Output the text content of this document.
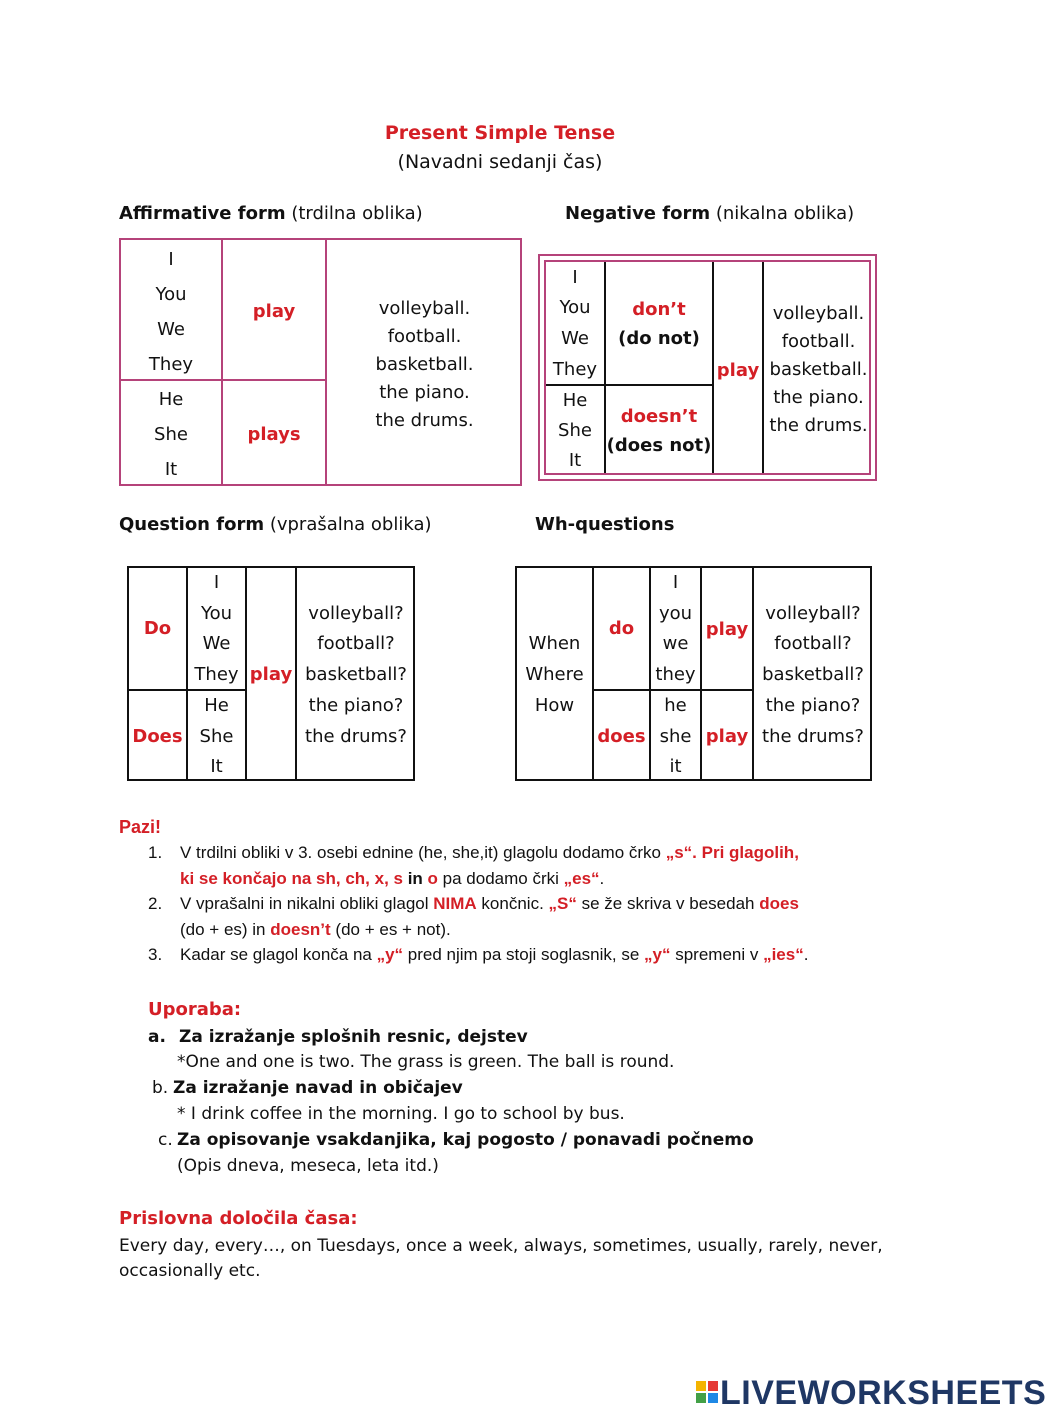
Present Simple Tense
(Navadni sedanji čas)
Affirmative form (trdilna oblika)
I
You
We
They
He
She
It
play
plays
volleyball.
football.
basketball.
the piano.
the drums.
Negative form (nikalna oblika)
I
You
We
They
He
She
It
don’t
(do not)
doesn’t
(does not)
play
volleyball.
football.
basketball.
the piano.
the drums.
Question form (vprašalna oblika)
Do
Does
I
You
We
They
He
She
It
play
volleyball?
football?
basketball?
the piano?
the drums?
Wh-questions
When
Where
How
do
does
I
you
we
they
he
she
it
play
play
volleyball?
football?
basketball?
the piano?
the drums?
Pazi!
1. V trdilni obliki v 3. osebi ednine (he, she,it) glagolu dodamo črko „s“. Pri glagolih,
ki se končajo na sh, ch, x, s in o pa dodamo črki „es“.
2. V vprašalni in nikalni obliki glagol NIMA končnic. „S“ se že skriva v besedah does
(do + es) in doesn’t (do + es + not).
3. Kadar se glagol konča na „y“ pred njim pa stoji soglasnik, se „y“ spremeni v „ies“.
Uporaba:
a. Za izražanje splošnih resnic, dejstev
*One and one is two. The grass is green. The ball is round.
b. Za izražanje navad in običajev
* I drink coffee in the morning. I go to school by bus.
c. Za opisovanje vsakdanjika, kaj pogosto / ponavadi počnemo
(Opis dneva, meseca, leta itd.)
Prislovna določila časa:
Every day, every…, on Tuesdays, once a week, always, sometimes, usually, rarely, never,
occasionally etc.
LIVEWORKSHEETS
